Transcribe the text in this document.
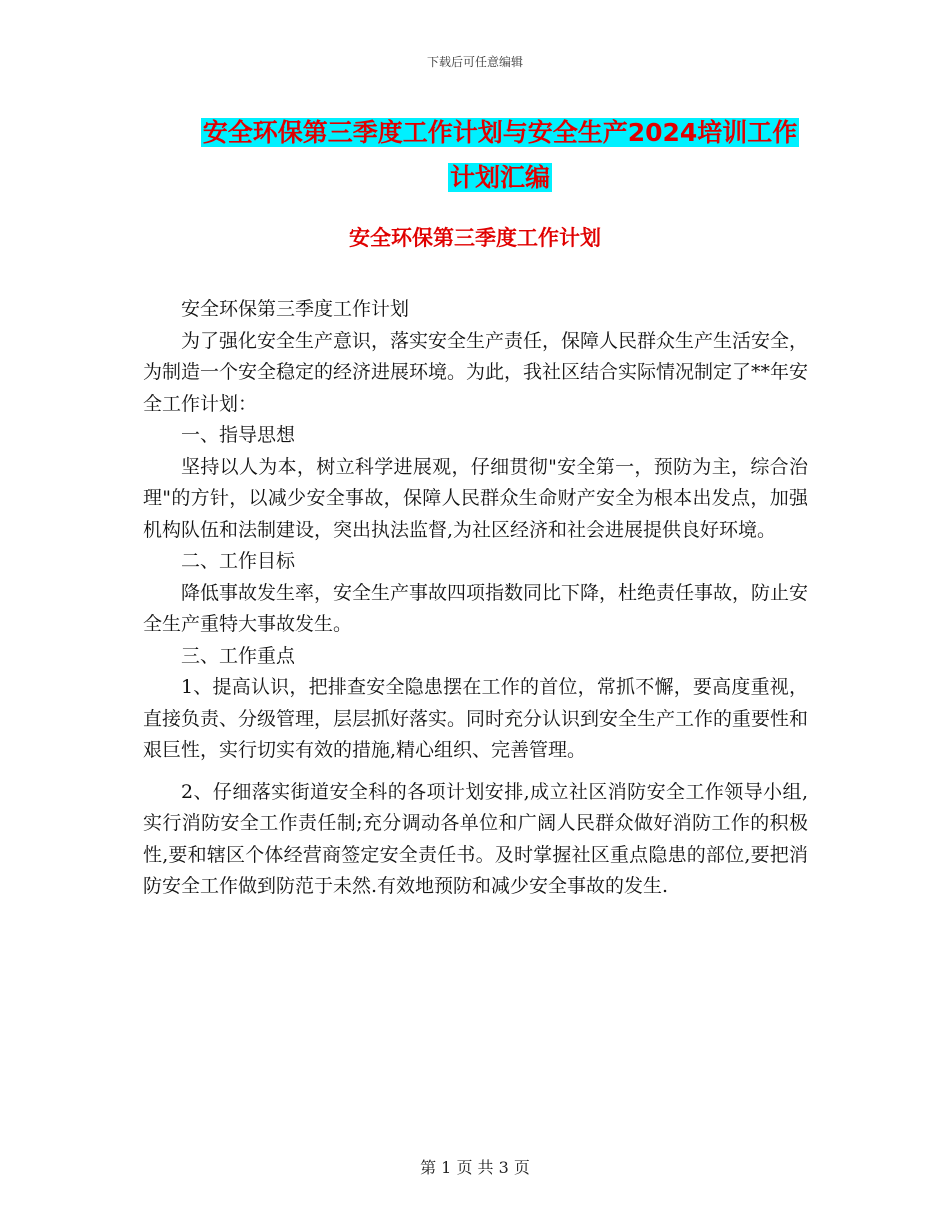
下载后可任意编辑
安全环保第三季度工作计划与安全生产2024培训工作
计划汇编
安全环保第三季度工作计划

安全环保第三季度工作计划

为了强化安全生产意识，落实安全生产责任，保障人民群众生产生活安全，为制造一个安全稳定的经济进展环境。为此，我社区结合实际情况制定了**年安全工作计划：

一、指导思想

坚持以人为本，树立科学进展观，仔细贯彻"安全第一，预防为主，综合治理"的方针，以减少安全事故，保障人民群众生命财产安全为根本出发点，加强机构队伍和法制建设，突出执法监督,为社区经济和社会进展提供良好环境。

二、工作目标

降低事故发生率，安全生产事故四项指数同比下降，杜绝责任事故，防止安全生产重特大事故发生。

三、工作重点

1、提高认识，把排查安全隐患摆在工作的首位，常抓不懈，要高度重视，直接负责、分级管理，层层抓好落实。同时充分认识到安全生产工作的重要性和艰巨性，实行切实有效的措施,精心组织、完善管理。

2、仔细落实街道安全科的各项计划安排,成立社区消防安全工作领导小组,实行消防安全工作责任制;充分调动各单位和广阔人民群众做好消防工作的积极性,要和辖区个体经营商签定安全责任书。及时掌握社区重点隐患的部位,要把消防安全工作做到防范于未然.有效地预防和减少安全事故的发生.

第 1 页 共 3 页
